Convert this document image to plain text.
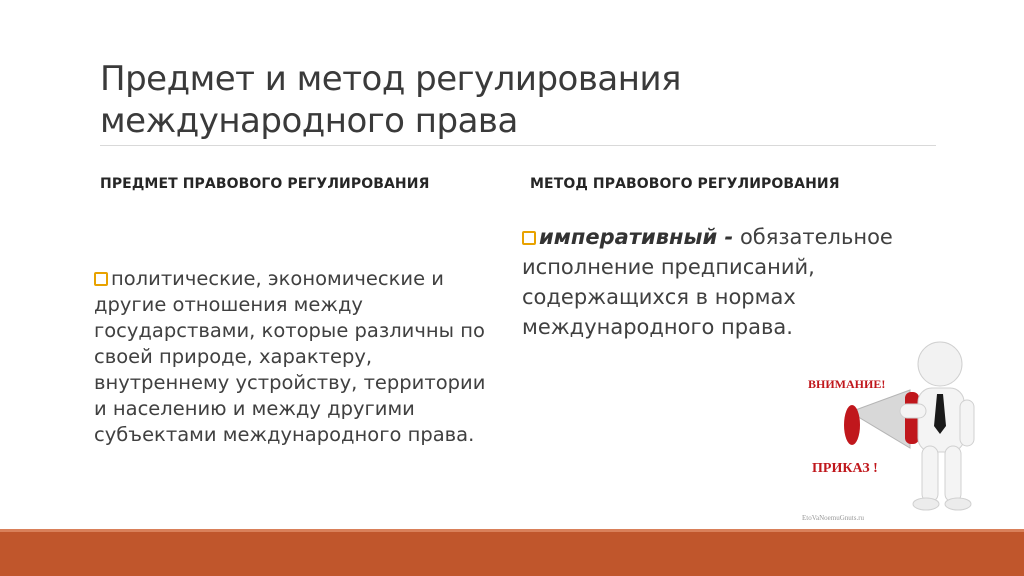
Предмет и метод регулирования
международного права
ПРЕДМЕТ ПРАВОВОГО РЕГУЛИРОВАНИЯ	МЕТОД ПРАВОВОГО РЕГУЛИРОВАНИЯ
политические, экономические и другие отношения между государствами, которые различны по своей природе, характеру, внутреннему устройству, территории и населению и между другими субъектами международного права.
императивный - обязательное исполнение предписаний, содержащихся в нормах международного права.
ВНИМАНИЕ!
ПРИКАЗ !
EtoVaNoemuGnuts.ru
